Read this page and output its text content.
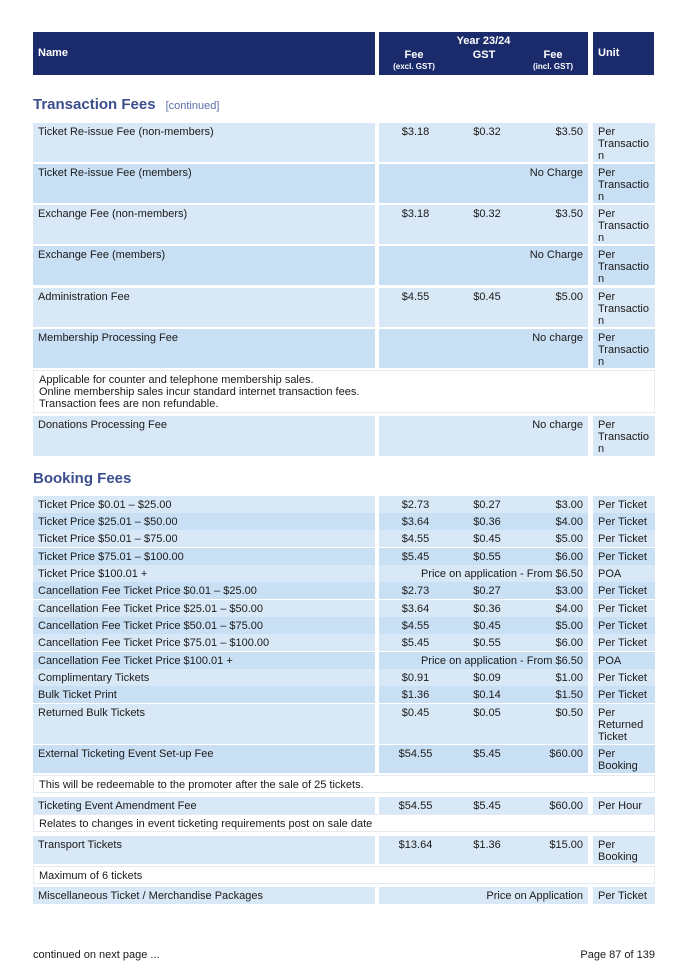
Name
Year 23/24
Fee
(excl. GST)
GST	Fee
(incl. GST)
Unit
Transaction Fees [continued]
Ticket Re-issue Fee (non-members)	$3.18	$0.32	$3.50	Per Transactio n
Ticket Re-issue Fee (members)	No Charge	Per Transactio n
Exchange Fee (non-members)	$3.18	$0.32	$3.50	Per Transactio n
Exchange Fee (members)	No Charge	Per Transactio n
Administration Fee	$4.55	$0.45	$5.00	Per Transactio n
Membership Processing Fee	No charge	Per Transactio n
Applicable for counter and telephone membership sales.
Online membership sales incur standard internet transaction fees.
Transaction fees are non refundable.
Donations Processing Fee	No charge	Per Transactio n
Booking Fees
Ticket Price $0.01 – $25.00	$2.73	$0.27	$3.00	Per Ticket
Ticket Price $25.01 – $50.00	$3.64	$0.36	$4.00	Per Ticket
Ticket Price $50.01 – $75.00	$4.55	$0.45	$5.00	Per Ticket
Ticket Price $75.01 – $100.00	$5.45	$0.55	$6.00	Per Ticket
Ticket Price $100.01 +	Price on application - From $6.50	POA
Cancellation Fee Ticket Price $0.01 – $25.00	$2.73	$0.27	$3.00	Per Ticket
Cancellation Fee Ticket Price $25.01 – $50.00	$3.64	$0.36	$4.00	Per Ticket
Cancellation Fee Ticket Price $50.01 – $75.00	$4.55	$0.45	$5.00	Per Ticket
Cancellation Fee Ticket Price $75.01 – $100.00	$5.45	$0.55	$6.00	Per Ticket
Cancellation Fee Ticket Price $100.01 +	Price on application - From $6.50	POA
Complimentary Tickets	$0.91	$0.09	$1.00	Per Ticket
Bulk Ticket Print	$1.36	$0.14	$1.50	Per Ticket
Returned Bulk Tickets	$0.45	$0.05	$0.50	Per Returned Ticket
External Ticketing Event Set-up Fee	$54.55	$5.45	$60.00	Per Booking
This will be redeemable to the promoter after the sale of 25 tickets.
Ticketing Event Amendment Fee	$54.55	$5.45	$60.00	Per Hour
Relates to changes in event ticketing requirements post on sale date
Transport Tickets	$13.64	$1.36	$15.00	Per Booking
Maximum of 6 tickets
Miscellaneous Ticket / Merchandise Packages	Price on Application	Per Ticket
continued on next page ...	Page 87 of 139
